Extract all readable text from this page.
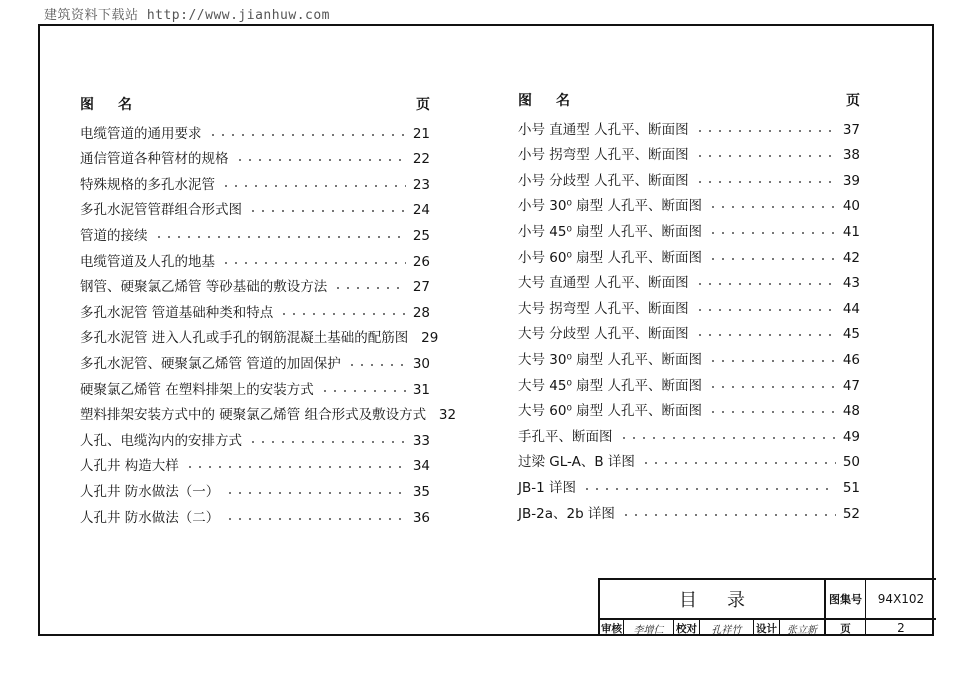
建筑资料下载站 http://www.jianhuw.com
图名	页
电缆管道的通用要求	21
通信管道各种管材的规格	22
特殊规格的多孔水泥管	23
多孔水泥管管群组合形式图	24
管道的接续	25
电缆管道及人孔的地基	26
钢管、硬聚氯乙烯管 等砂基础的敷设方法	27
多孔水泥管 管道基础种类和特点	28
多孔水泥管 进入人孔或手孔的钢筋混凝土基础的配筋图 29
多孔水泥管、硬聚氯乙烯管 管道的加固保护	30
硬聚氯乙烯管 在塑料排架上的安装方式	31
塑料排架安装方式中的 硬聚氯乙烯管 组合形式及敷设方式 32
人孔、电缆沟内的安排方式	33
人孔井 构造大样	34
人孔井 防水做法（一）	35
人孔井 防水做法（二）	36
图名	页
小号 直通型 人孔平、断面图	37
小号 拐弯型 人孔平、断面图	38
小号 分歧型 人孔平、断面图	39
小号 30⁰ 扇型 人孔平、断面图	40
小号 45⁰ 扇型 人孔平、断面图	41
小号 60⁰ 扇型 人孔平、断面图	42
大号 直通型 人孔平、断面图	43
大号 拐弯型 人孔平、断面图	44
大号 分歧型 人孔平、断面图	45
大号 30⁰ 扇型 人孔平、断面图	46
大号 45⁰ 扇型 人孔平、断面图	47
大号 60⁰ 扇型 人孔平、断面图	48
手孔平、断面图	49
过梁 GL-A、B 详图	50
JB-1 详图	51
JB-2a、2b 详图	52
目录	图集号	94X102
审核	李增仁	校对	孔祥竹	设计	张立新	页	2
